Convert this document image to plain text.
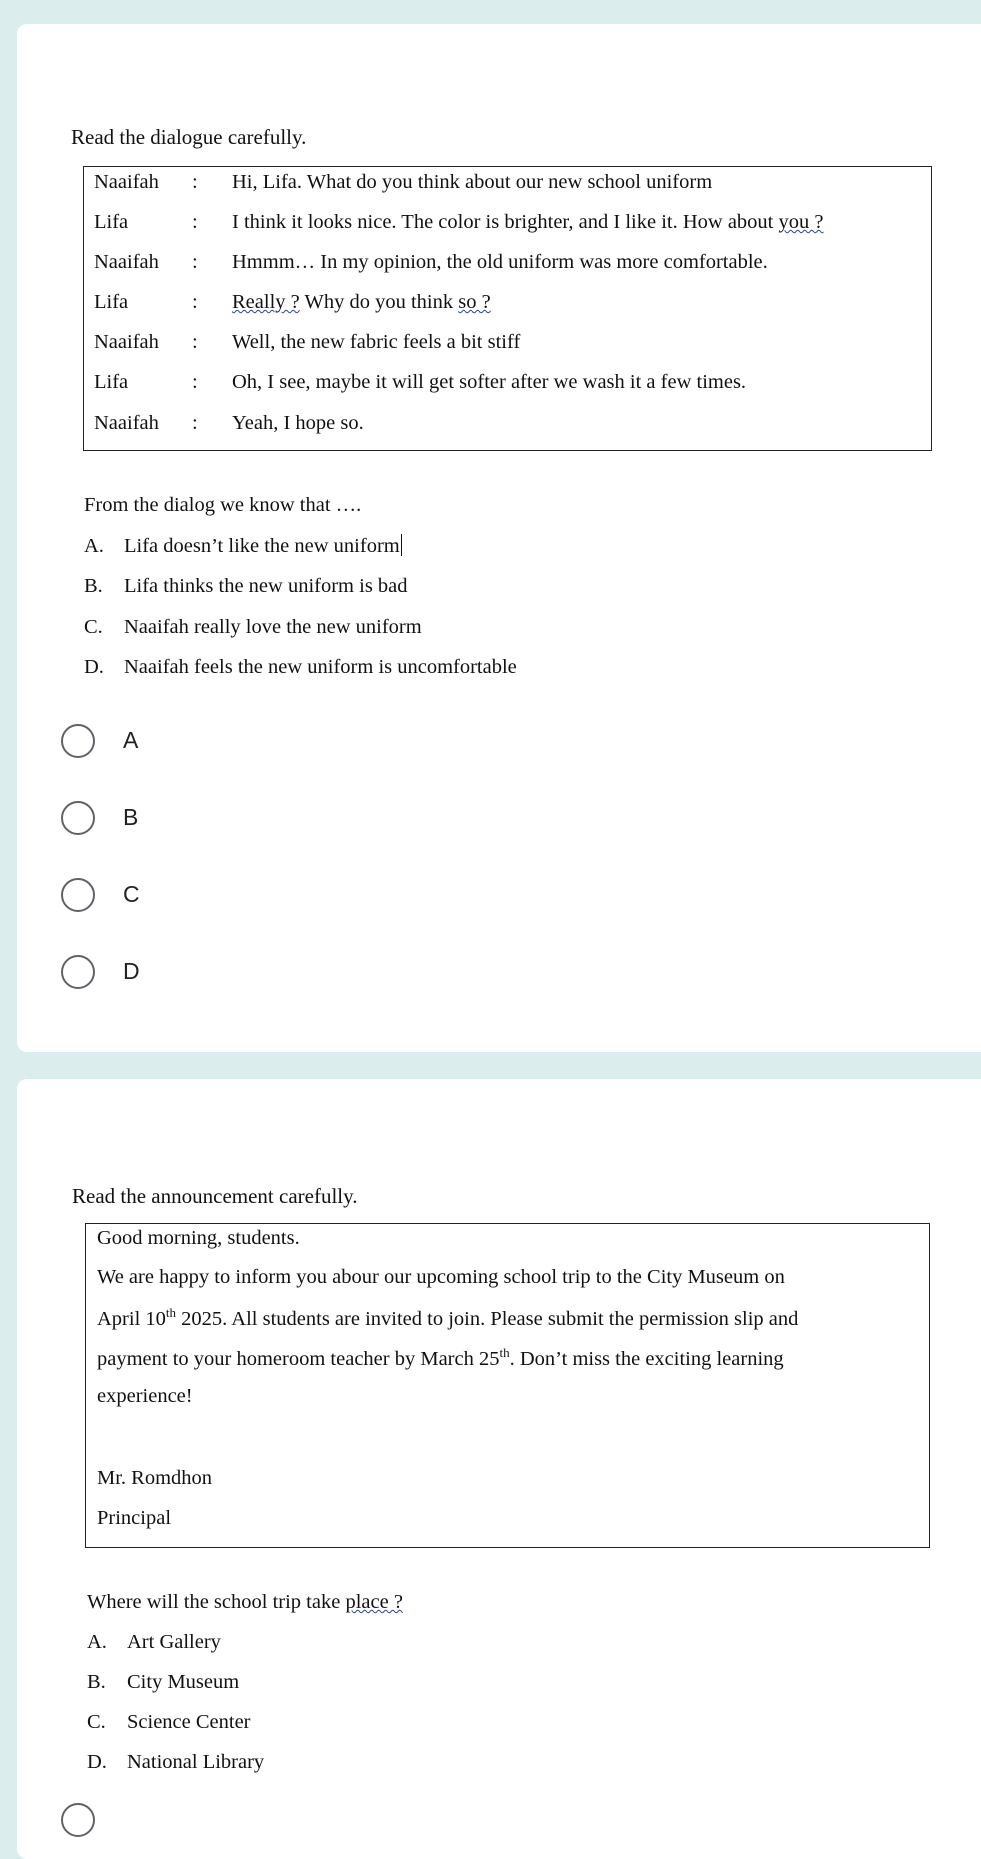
Read the dialogue carefully.
Naaifah : Hi, Lifa. What do you think about our new school uniform
Lifa	: I think it looks nice. The color is brighter, and I like it. How about you ?
Naaifah : Hmmm… In my opinion, the old uniform was more comfortable.
Lifa	: Really ? Why do you think so ?
Naaifah : Well, the new fabric feels a bit stiff
Lifa	: Oh, I see, maybe it will get softer after we wash it a few times.
Naaifah : Yeah, I hope so.
From the dialog we know that ….
A. Lifa doesn’t like the new uniform
B. Lifa thinks the new uniform is bad
C. Naaifah really love the new uniform
D. Naaifah feels the new uniform is uncomfortable
A
B
C
D
Read the announcement carefully.
Good morning, students.
We are happy to inform you abour our upcoming school trip to the City Museum on
April 10th 2025. All students are invited to join. Please submit the permission slip and
payment to your homeroom teacher by March 25th. Don’t miss the exciting learning
experience!
Mr. Romdhon
Principal
Where will the school trip take place ?
A. Art Gallery
B. City Museum
C. Science Center
D. National Library
